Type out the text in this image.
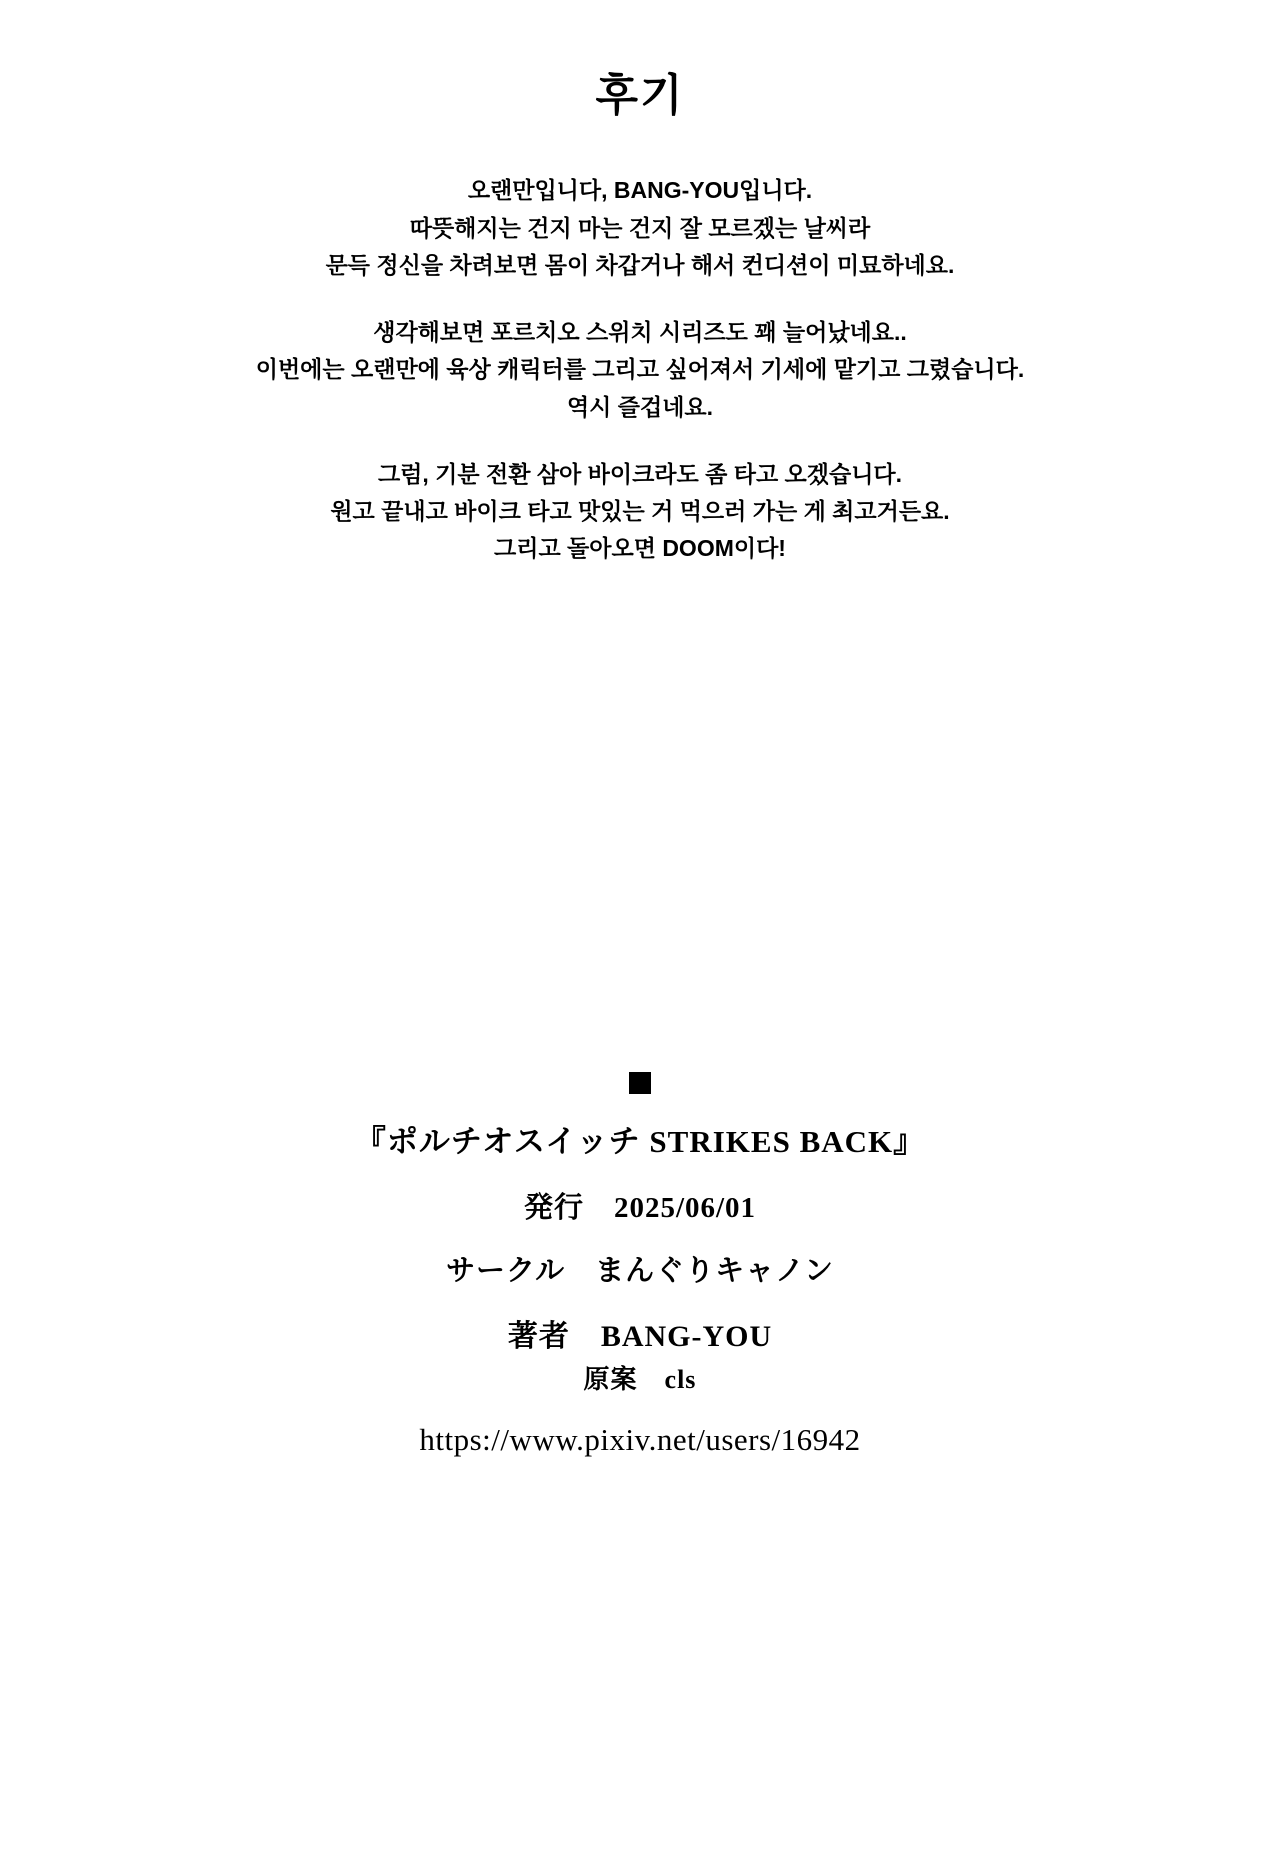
후기

오랜만입니다, BANG-YOU입니다.
따뜻해지는 건지 마는 건지 잘 모르겠는 날씨라
문득 정신을 차려보면 몸이 차갑거나 해서 컨디션이 미묘하네요.

생각해보면 포르치오 스위치 시리즈도 꽤 늘어났네요..
이번에는 오랜만에 육상 캐릭터를 그리고 싶어져서 기세에 맡기고 그렸습니다.
역시 즐겁네요.

그럼, 기분 전환 삼아 바이크라도 좀 타고 오겠습니다.
원고 끝내고 바이크 타고 맛있는 거 먹으러 가는 게 최고거든요.
그리고 돌아오면 DOOM이다!

『ポルチオスイッチ STRIKES BACK』
発行　2025/06/01
サークル　まんぐりキャノン
著者　BANG-YOU
原案　cls
https://www.pixiv.net/users/16942
